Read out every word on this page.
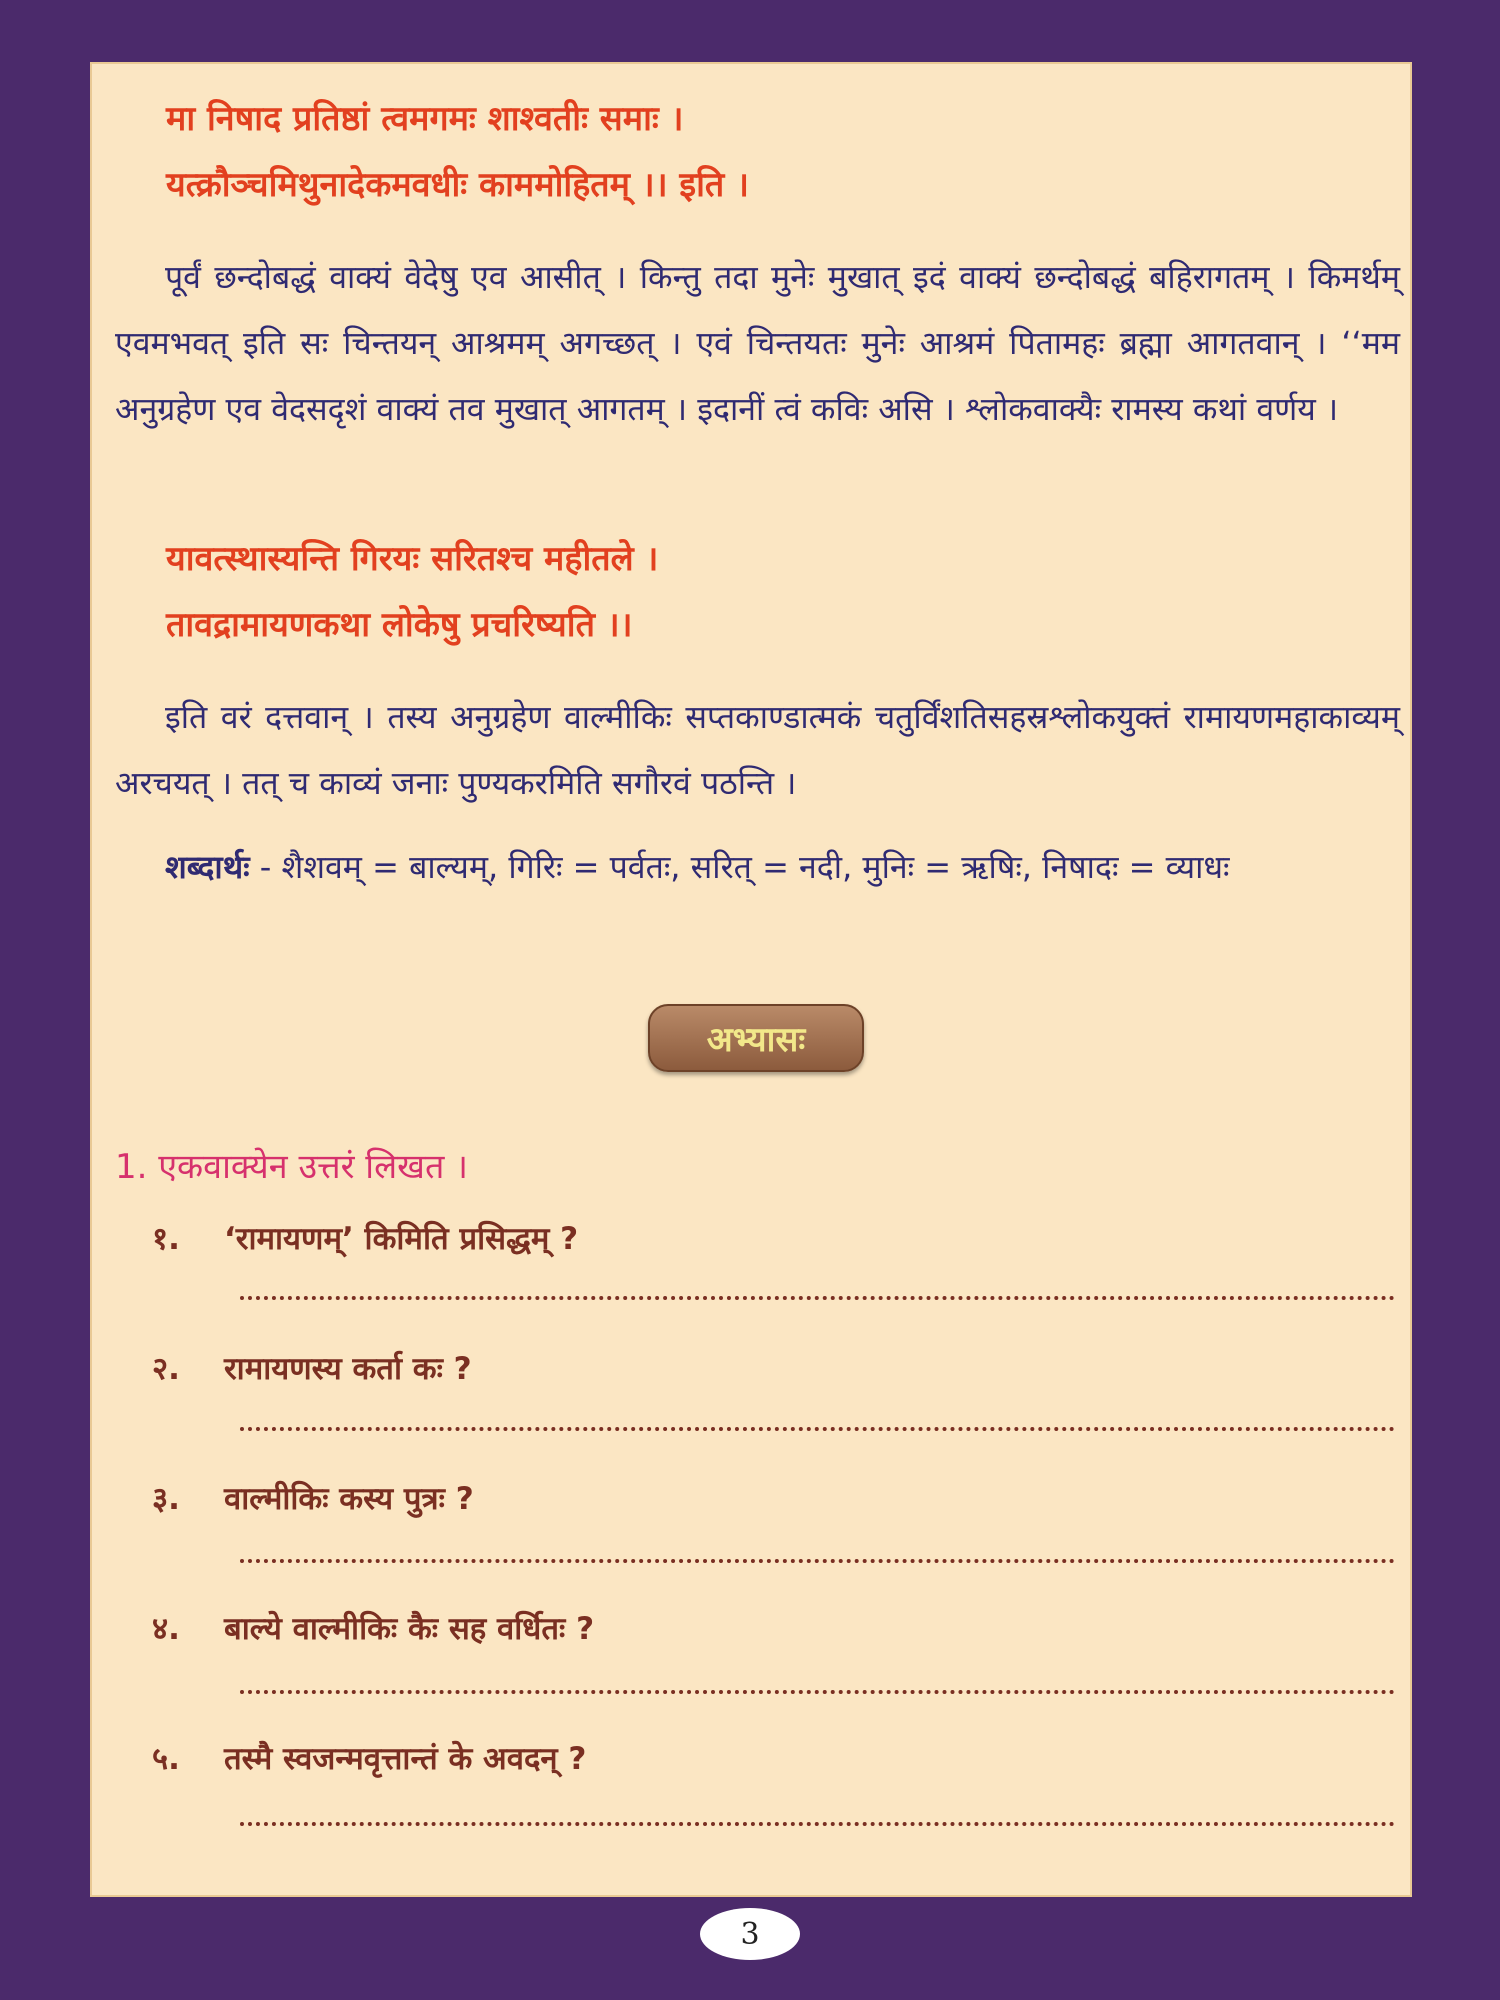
मा निषाद प्रतिष्ठां त्वमगमः शाश्वतीः समाः ।
यत्क्रौञ्चमिथुनादेकमवधीः काममोहितम् ।। इति ।

पूर्वं छन्दोबद्धं वाक्यं वेदेषु एव आसीत् । किन्तु तदा मुनेः मुखात् इदं वाक्यं छन्दोबद्धं बहिरागतम् । किमर्थम् एवमभवत् इति सः चिन्तयन् आश्रमम् अगच्छत् । एवं चिन्तयतः मुनेः आश्रमं पितामहः ब्रह्मा आगतवान् । ‘‘मम अनुग्रहेण एव वेदसदृशं वाक्यं तव मुखात् आगतम् । इदानीं त्वं कविः असि । श्लोकवाक्यैः रामस्य कथां वर्णय ।

यावत्स्थास्यन्ति गिरयः सरितश्च महीतले ।
तावद्रामायणकथा लोकेषु प्रचरिष्यति ।।

इति वरं दत्तवान् । तस्य अनुग्रहेण वाल्मीकिः सप्तकाण्डात्मकं चतुर्विंशतिसहस्रश्लोकयुक्तं रामायणमहाकाव्यम् अरचयत् । तत् च काव्यं जनाः पुण्यकरमिति सगौरवं पठन्ति ।

शब्दार्थः - शैशवम् = बाल्यम्, गिरिः = पर्वतः, सरित् = नदी, मुनिः = ऋषिः, निषादः = व्याधः

अभ्यासः
1. एकवाक्येन उत्तरं लिखत ।
१. ‘रामायणम्’ किमिति प्रसिद्धम् ?
२. रामायणस्य कर्ता कः ?
३. वाल्मीकिः कस्य पुत्रः ?
४. बाल्ये वाल्मीकिः कैः सह वर्धितः ?
५. तस्मै स्वजन्मवृत्तान्तं के अवदन् ?
3
